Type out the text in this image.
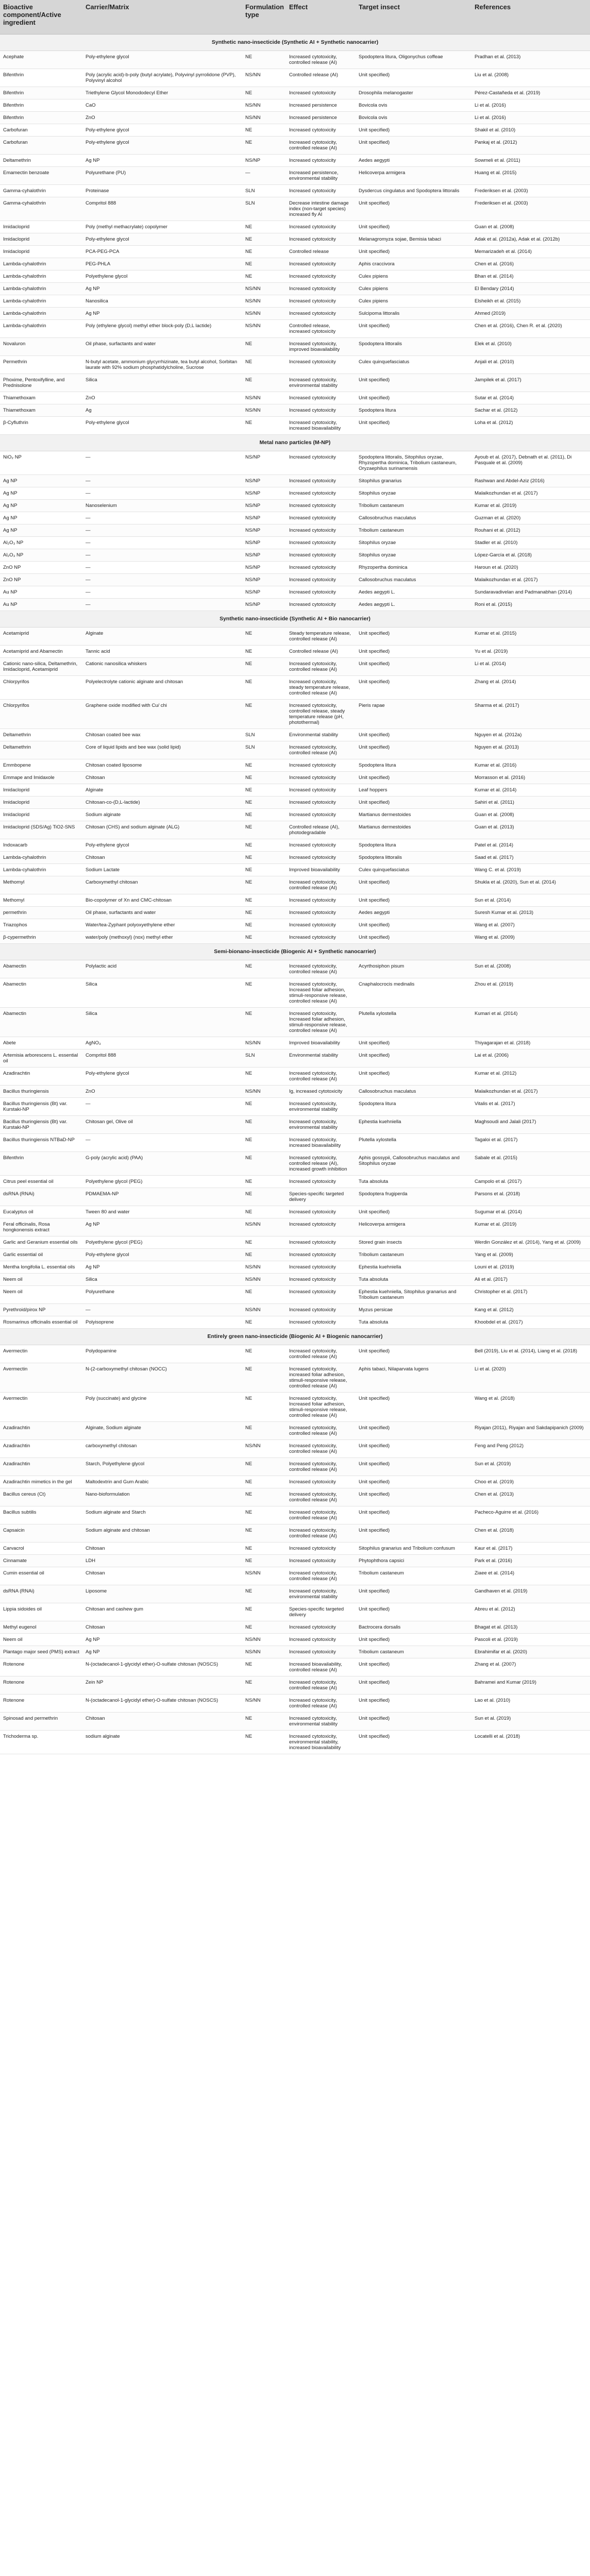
Bioactive component/Active ingredient	Carrier/Matrix	Formulation type	Effect	Target insect	References
Synthetic nano-insecticide (Synthetic AI + Synthetic nanocarrier)					
Acephate	Poly-ethylene glycol	NE	Increased cytotoxicity, controlled release (AI)	Spodoptera litura, Oligonychus coffeae	Pradhan et al. (2013)
Bifenthrin	Poly (acrylic acid)-b-poly (butyl acrylate), Polyvinyl pyrrolidone (PVP), Polyvinyl alcohol	NS/NN	Controlled release (AI)	Unit specified)	Liu et al. (2008)
Bifenthrin	Triethylene Glycol Monododecyl Ether	NE	Increased cytotoxicity	Drosophila melanogaster	Pérez-Castañeda et al. (2019)
Bifenthrin	CaO	NS/NN	Increased persistence	Bovicola ovis	Li et al. (2016)
Bifenthrin	ZnO	NS/NN	Increased persistence	Bovicola ovis	Li et al. (2016)
Carbofuran	Poly-ethylene glycol	NE	Increased cytotoxicity	Unit specified)	Shakil et al. (2010)
Carbofuran	Poly-ethylene glycol	NE	Increased cytotoxicity, controlled release (AI)	Unit specified)	Pankaj et al. (2012)
Deltamethrin	Ag NP	NS/NP	Increased cytotoxicity	Aedes aegypti	Sowmeli et al. (2011)
Emamectin benzoate	Polyurethane (PU)	—	Increased persistence, environmental stability	Helicoverpa armigera	Huang et al. (2015)
Gamma-cyhalothrin	Proteinase	SLN	Increased cytotoxicity	Dysdercus cingulatus and Spodoptera littoralis	Frederiksen et al. (2003)
Gamma-cyhalothrin	Compritol 888	SLN	Decrease intestine damage index (non-target species) increased fly AI	Unit specified)	Frederiksen et al. (2003)
Imidacloprid	Poly (methyl methacrylate) copolymer	NE	Increased cytotoxicity	Unit specified)	Guan et al. (2008)
Imidacloprid	Poly-ethylene glycol	NE	Increased cytotoxicity	Melanagromyza sojae, Bemisia tabaci	Adak et al. (2012a), Adak et al. (2012b)
Imidacloprid	PCA-PEG-PCA	NE	Controlled release	Unit specified)	Memarizadeh et al. (2014)
Lambda-cyhalothrin	PEG-PHLA	NE	Increased cytotoxicity	Aphis craccivora	Chen et al. (2016)
Lambda-cyhalothrin	Polyethylene glycol	NE	Increased cytotoxicity	Culex pipiens	Bhan et al. (2014)
Lambda-cyhalothrin	Ag NP	NS/NN	Increased cytotoxicity	Culex pipiens	El Bendary (2014)
Lambda-cyhalothrin	Nanosilica	NS/NN	Increased cytotoxicity	Culex pipiens	Elsheikh et al. (2015)
Lambda-cyhalothrin	Ag NP	NS/NN	Increased cytotoxicity	Sulcipoma littoralis	Ahmed (2019)
Lambda-cyhalothrin	Poly (ethylene glycol) methyl ether block-poly (D,L lactide)	NS/NN	Controlled release, increased cytotoxicity	Unit specified)	Chen et al. (2016), Chen R. et al. (2020)
Novaluron	Oil phase, surfactants and water	NE	Increased cytotoxicity, improved bioavailability	Spodoptera littoralis	Elek et al. (2010)
Permethrin	N-butyl acetate, ammonium glycyrrhizinate, tea butyl alcohol, Sorbitan laurate with 92% sodium phosphatidylcholine, Sucrose	NE	Increased cytotoxicity	Culex quinquefasciatus	Anjali et al. (2010)
Phoxime, Pentoxifylline, and Prednisolone	Silica	NE	Increased cytotoxicity, environmental stability	Unit specified)	Jampilek et al. (2017)
Thiamethoxam	ZnO	NS/NN	Increased cytotoxicity	Unit specified)	Sutar et al. (2014)
Thiamethoxam	Ag	NS/NN	Increased cytotoxicity	Spodoptera litura	Sachar et al. (2012)
β-Cyfluthrin	Poly-ethylene glycol	NE	Increased cytotoxicity, increased bioavailability	Unit specified)	Loha et al. (2012)
Metal nano particles (M-NP)					
NiO₂ NP	—	NS/NP	Increased cytotoxicity	Spodoptera littoralis, Sitophilus oryzae, Rhyzopertha dominica, Tribolium castaneum, Oryzaephilus surinamensis	Ayoub et al. (2017), Debnath et al. (2011), Di Pasquale et al. (2009)
Ag NP	—	NS/NP	Increased cytotoxicity	Sitophilus granarius	Rashwan and Abdel-Aziz (2016)
Ag NP	—	NS/NP	Increased cytotoxicity	Sitophilus oryzae	Malaikozhundan et al. (2017)
Ag NP	Nanoselenium	NS/NP	Increased cytotoxicity	Tribolium castaneum	Kumar et al. (2019)
Ag NP	—	NS/NP	Increased cytotoxicity	Callosobruchus maculatus	Guzman et al. (2020)
Ag NP	—	NS/NP	Increased cytotoxicity	Tribolium castaneum	Rouhani et al. (2012)
Al₂O₃ NP	—	NS/NP	Increased cytotoxicity	Sitophilus oryzae	Stadler et al. (2010)
Al₂O₃ NP	—	NS/NP	Increased cytotoxicity	Sitophilus oryzae	López-García et al. (2018)
ZnO NP	—	NS/NP	Increased cytotoxicity	Rhyzopertha dominica	Haroun et al. (2020)
ZnO NP	—	NS/NP	Increased cytotoxicity	Callosobruchus maculatus	Malaikozhundan et al. (2017)
Au NP	—	NS/NP	Increased cytotoxicity	Aedes aegypti L.	Sundaravadivelan and Padmanabhan (2014)
Au NP	—	NS/NP	Increased cytotoxicity	Aedes aegypti L.	Roni et al. (2015)
Synthetic nano-insecticide (Synthetic AI + Bio nanocarrier)					
Acetamiprid	Alginate	NE	Steady temperature release, controlled release (AI)	Unit specified)	Kumar et al. (2015)
Acetamiprid and Abamectin	Tannic acid	NE	Controlled release (AI)	Unit specified)	Yu et al. (2019)
Cationic nano-silica, Deltamethrin, Imidacloprid, Acetamiprid	Cationic nanosilica whiskers	NE	Increased cytotoxicity, controlled release (AI)	Unit specified)	Li et al. (2014)
Chlorpyrifos	Polyelectrolyte cationic alginate and chitosan	NE	Increased cytotoxicity, steady temperature release, controlled release (AI)	Unit specified)	Zhang et al. (2014)
Chlorpyrifos	Graphene oxide modified with Cu/ chi	NE	Increased cytotoxicity, controlled release, steady temperature release (pH, photothermal)	Pieris rapae	Sharma et al. (2017)
Deltamethrin	Chitosan coated bee wax	SLN	Environmental stability	Unit specified)	Nguyen et al. (2012a)
Deltamethrin	Core of liquid lipids and bee wax (solid lipid)	SLN	Increased cytotoxicity, controlled release (AI)	Unit specified)	Nguyen et al. (2013)
Emmbopene	Chitosan coated liposome	NE	Increased cytotoxicity	Spodoptera litura	Kumar et al. (2016)
Emmape and Imidaxole	Chitosan	NE	Increased cytotoxicity	Unit specified)	Morrasson et al. (2016)
Imidacloprid	Alginate	NE	Increased cytotoxicity	Leaf hoppers	Kumar et al. (2014)
Imidacloprid	Chitosan-co-(D,L-lactide)	NE	Increased cytotoxicity	Unit specified)	Sahiri et al. (2011)
Imidacloprid	Sodium alginate	NE	Increased cytotoxicity	Martianus dermestoides	Guan et al. (2008)
Imidacloprid (SDS/Ag) TiO2-SNS	Chitosan (CHS) and sodium alginate (ALG)	NE	Controlled release (AI), photodegradable	Martianus dermestoides	Guan et al. (2013)
Indoxacarb	Poly-ethylene glycol	NE	Increased cytotoxicity	Spodoptera litura	Patel et al. (2014)
Lambda-cyhalothrin	Chitosan	NE	Increased cytotoxicity	Spodoptera littoralis	Saad et al. (2017)
Lambda-cyhalothrin	Sodium Lactate	NE	Improved bioavailability	Culex quinquefasciatus	Wang C. et al. (2019)
Methomyl	Carboxymethyl chitosan	NE	Increased cytotoxicity, controlled release (AI)	Unit specified)	Shukla et al. (2020), Sun et al. (2014)
Methomyl	Bio-copolymer of Xn and CMC-chitosan	NE	Increased cytotoxicity	Unit specified)	Sun et al. (2014)
permethrin	Oil phase, surfactants and water	NE	Increased cytotoxicity	Aedes aegypti	Suresh Kumar et al. (2013)
Triazophos	Water/tea-Zyphant polyoxyethylene ether	NE	Increased cytotoxicity	Unit specified)	Wang et al. (2007)
β-cypermethrin	water/poly (methoxyl) (nox) methyl ether	NE	Increased cytotoxicity	Unit specified)	Wang et al. (2009)
Semi-bionano-insecticide (Biogenic AI + Synthetic nanocarrier)					
Abamectin	Polylactic acid	NE	Increased cytotoxicity, controlled release (AI)	Acyrthosiphon pisum	Sun et al. (2008)
Abamectin	Silica	NE	Increased cytotoxicity, Increased foliar adhesion, stimuli-responsive release, controlled release (AI)	Cnaphalocrocis medinalis	Zhou et al. (2019)
Abamectin	Silica	NE	Increased cytotoxicity, Increased foliar adhesion, stimuli-responsive release, controlled release (AI)	Plutella xylostella	Kumari et al. (2014)
Abete	AgNO₃	NS/NN	Improved bioavailability	Unit specified)	Thiyagarajan et al. (2018)
Artemisia arborescens L. essential oil	Compritol 888	SLN	Environmental stability	Unit specified)	Lai et al. (2006)
Azadirachtin	Poly-ethylene glycol	NE	Increased cytotoxicity, controlled release (AI)	Unit specified)	Kumar et al. (2012)
Bacillus thuringiensis	ZnO	NS/NN	Ig, increased cytotoxicity	Callosobruchus maculatus	Malaikozhundan et al. (2017)
Bacillus thuringiensis (Bt) var. Kurstaki-NP	—	NE	Increased cytotoxicity, environmental stability	Spodoptera litura	Vitalis et al. (2017)
Bacillus thuringiensis (Bt) var. Kurstaki-NP	Chitosan gel, Olive oil	NE	Increased cytotoxicity, environmental stability	Ephestia kuehniella	Maghsoudi and Jalali (2017)
Bacillus thuringiensis NTBaD-NP	—	NE	Increased cytotoxicity, increased bioavailability	Plutella xylostella	Tagaloi et al. (2017)
Bifenthrin	G-poly (acrylic acid) (PAA)	NE	Increased cytotoxicity, controlled release (AI), increased growth inhibition	Aphis gossypii, Callosobruchus maculatus and Sitophilus oryzae	Sabale et al. (2015)
Citrus peel essential oil	Polyethylene glycol (PEG)	NE	Increased cytotoxicity	Tuta absoluta	Campolo et al. (2017)
dsRNA (RNAi)	PDMAEMA-NP	NE	Species-specific targeted delivery	Spodoptera frugiperda	Parsons et al. (2018)
Eucalyptus oil	Tween 80 and water	NE	Increased cytotoxicity	Unit specified)	Sugumar et al. (2014)
Feral officinalis, Rosa hongkonensis extract	Ag NP	NS/NN	Increased cytotoxicity	Helicoverpa armigera	Kumar et al. (2019)
Garlic and Geranium essential oils	Polyethylene glycol (PEG)	NE	Increased cytotoxicity	Stored grain insects	Werdin González et al. (2014), Yang et al. (2009)
Garlic essential oil	Poly-ethylene glycol	NE	Increased cytotoxicity	Tribolium castaneum	Yang et al. (2009)
Mentha longifolia L. essential oils	Ag NP	NS/NN	Increased cytotoxicity	Ephestia kuehniella	Louni et al. (2019)
Neem oil	Silica	NS/NN	Increased cytotoxicity	Tuta absoluta	Ali et al. (2017)
Neem oil	Polyurethane	NE	Increased cytotoxicity	Ephestia kuehniella, Sitophilus granarius and Tribolium castaneum	Christopher et al. (2017)
Pyrethroid/pirox NP	—	NS/NN	Increased cytotoxicity	Myzus persicae	Kang et al. (2012)
Rosmarinus officinalis essential oil	Polyisoprene	NE	Increased cytotoxicity	Tuta absoluta	Khoobdel et al. (2017)
Entirely green nano-insecticide (Biogenic AI + Biogenic nanocarrier)					
Avermectin	Polydopamine	NE	Increased cytotoxicity, controlled release (AI)	Unit specified)	Bell (2019), Liu et al. (2014), Liang et al. (2018)
Avermectin	N-(2-carboxymethyl chitosan (NOCC)	NE	Increased cytotoxicity, increased foliar adhesion, stimuli-responsive release, controlled release (AI)	Aphis tabaci, Nilaparvata lugens	Li et al. (2020)
Avermectin	Poly (succinate) and glycine	NE	Increased cytotoxicity, Increased foliar adhesion, stimuli-responsive release, controlled release (AI)	Unit specified)	Wang et al. (2018)
Azadirachtin	Alginate, Sodium alginate	NE	Increased cytotoxicity, controlled release (AI)	Unit specified)	Riyajan (2011), Riyajan and Sakdapipanich (2009)
Azadirachtin	carboxymethyl chitosan	NS/NN	Increased cytotoxicity, controlled release (AI)	Unit specified)	Feng and Peng (2012)
Azadirachtin	Starch, Polyethylene glycol	NE	Increased cytotoxicity, controlled release (AI)	Unit specified)	Sun et al. (2019)
Azadirachtin mimetics in the gel	Maltodextrin and Gum Arabic	NE	Increased cytotoxicity	Unit specified)	Choo et al. (2019)
Bacillus cereus (Ct)	Nano-bioformulation	NE	Increased cytotoxicity, controlled release (AI)	Unit specified)	Chen et al. (2013)
Bacillus subtilis	Sodium alginate and Starch	NE	Increased cytotoxicity, controlled release (AI)	Unit specified)	Pacheco-Aguirre et al. (2016)
Capsaicin	Sodium alginate and chitosan	NE	Increased cytotoxicity, controlled release (AI)	Unit specified)	Chen et al. (2018)
Carvacrol	Chitosan	NE	Increased cytotoxicity	Sitophilus granarius and Tribolium confusum	Kaur et al. (2017)
Cinnamate	LDH	NE	Increased cytotoxicity	Phytophthora capsici	Park et al. (2016)
Cumin essential oil	Chitosan	NS/NN	Increased cytotoxicity, controlled release (AI)	Tribolium castaneum	Ziaee et al. (2014)
dsRNA (RNAi)	Liposome	NE	Increased cytotoxicity, environmental stability	Unit specified)	Gandhaven et al. (2019)
Lippia sidoides oil	Chitosan and cashew gum	NE	Species-specific targeted delivery	Unit specified)	Abreu et al. (2012)
Methyl eugenol	Chitosan	NE	Increased cytotoxicity	Bactrocera dorsalis	Bhagat et al. (2013)
Neem oil	Ag NP	NS/NN	Increased cytotoxicity	Unit specified)	Pascoli et al. (2019)
Plantago major seed (PMS) extract	Ag NP	NS/NN	Increased cytotoxicity	Tribolium castaneum	Ebrahimifar et al. (2020)
Rotenone	N-(octadecanol-1-glycidyl ether)-O-sulfate chitosan (NOSCS)	NE	Increased bioavailability, controlled release (AI)	Unit specified)	Zhang et al. (2007)
Rotenone	Zein NP	NE	Increased cytotoxicity, controlled release (AI)	Unit specified)	Bahramei and Kumar (2019)
Rotenone	N-(octadecanol-1-glycidyl ether)-O-sulfate chitosan (NOSCS)	NS/NN	Increased cytotoxicity, controlled release (AI)	Unit specified)	Lao et al. (2010)
Spinosad and permethrin	Chitosan	NE	Increased cytotoxicity, environmental stability	Unit specified)	Sun et al. (2019)
Trichoderma sp.	sodium alginate	NE	Increased cytotoxicity, environmental stability, increased bioavailability	Unit specified)	Locatelli et al. (2018)
